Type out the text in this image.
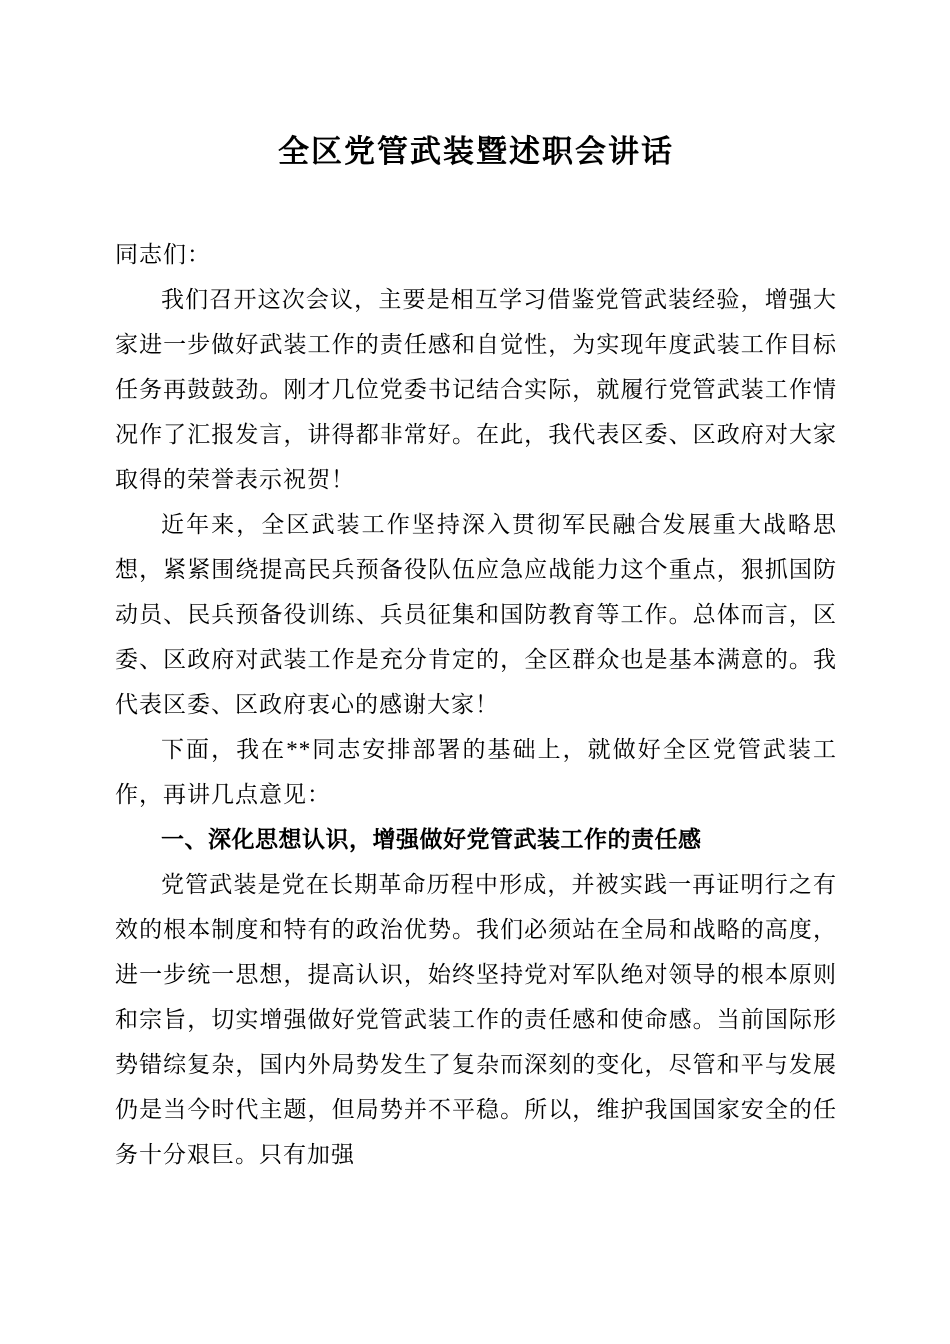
全区党管武装暨述职会讲话

同志们：

我们召开这次会议，主要是相互学习借鉴党管武装经验，增强大家进一步做好武装工作的责任感和自觉性，为实现年度武装工作目标任务再鼓鼓劲。刚才几位党委书记结合实际，就履行党管武装工作情况作了汇报发言，讲得都非常好。在此，我代表区委、区政府对大家取得的荣誉表示祝贺！

近年来，全区武装工作坚持深入贯彻军民融合发展重大战略思想，紧紧围绕提高民兵预备役队伍应急应战能力这个重点，狠抓国防动员、民兵预备役训练、兵员征集和国防教育等工作。总体而言，区委、区政府对武装工作是充分肯定的，全区群众也是基本满意的。我代表区委、区政府衷心的感谢大家！

下面，我在**同志安排部署的基础上，就做好全区党管武装工作，再讲几点意见：

一、深化思想认识，增强做好党管武装工作的责任感

党管武装是党在长期革命历程中形成，并被实践一再证明行之有效的根本制度和特有的政治优势。我们必须站在全局和战略的高度，进一步统一思想，提高认识，始终坚持党对军队绝对领导的根本原则和宗旨，切实增强做好党管武装工作的责任感和使命感。当前国际形势错综复杂，国内外局势发生了复杂而深刻的变化，尽管和平与发展仍是当今时代主题，但局势并不平稳。所以，维护我国国家安全的任务十分艰巨。只有加强
